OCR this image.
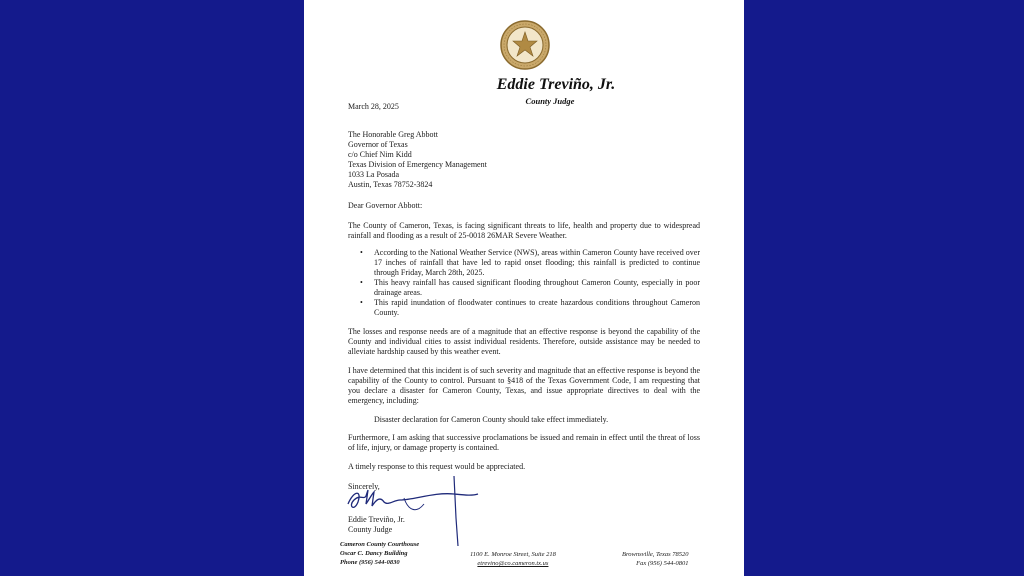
Eddie Treviño, Jr.
County Judge
March 28, 2025
The Honorable Greg Abbott
Governor of Texas
c/o Chief Nim Kidd
Texas Division of Emergency Management
1033 La Posada
Austin, Texas 78752-3824
Dear Governor Abbott:
The County of Cameron, Texas, is facing significant threats to life, health and property due to widespread rainfall and flooding as a result of 25-0018 26MAR Severe Weather.
• According to the National Weather Service (NWS), areas within Cameron County have received over 17 inches of rainfall that have led to rapid onset flooding; this rainfall is predicted to continue through Friday, March 28th, 2025.
• This heavy rainfall has caused significant flooding throughout Cameron County, especially in poor drainage areas.
• This rapid inundation of floodwater continues to create hazardous conditions throughout Cameron County.
The losses and response needs are of a magnitude that an effective response is beyond the capability of the County and individual cities to assist individual residents. Therefore, outside assistance may be needed to alleviate hardship caused by this weather event.
I have determined that this incident is of such severity and magnitude that an effective response is beyond the capability of the County to control. Pursuant to §418 of the Texas Government Code, I am requesting that you declare a disaster for Cameron County, Texas, and issue appropriate directives to deal with the emergency, including:
Disaster declaration for Cameron County should take effect immediately.
Furthermore, I am asking that successive proclamations be issued and remain in effect until the threat of loss of life, injury, or damage property is contained.
A timely response to this request would be appreciated.
Sincerely,
Eddie Treviño, Jr.
County Judge
Cameron County Courthouse
Oscar C. Dancy Building
Phone (956) 544-0830
1100 E. Monroe Street, Suite 218
etrevino@co.cameron.tx.us
Brownsville, Texas 78520
Fax (956) 544-0801
